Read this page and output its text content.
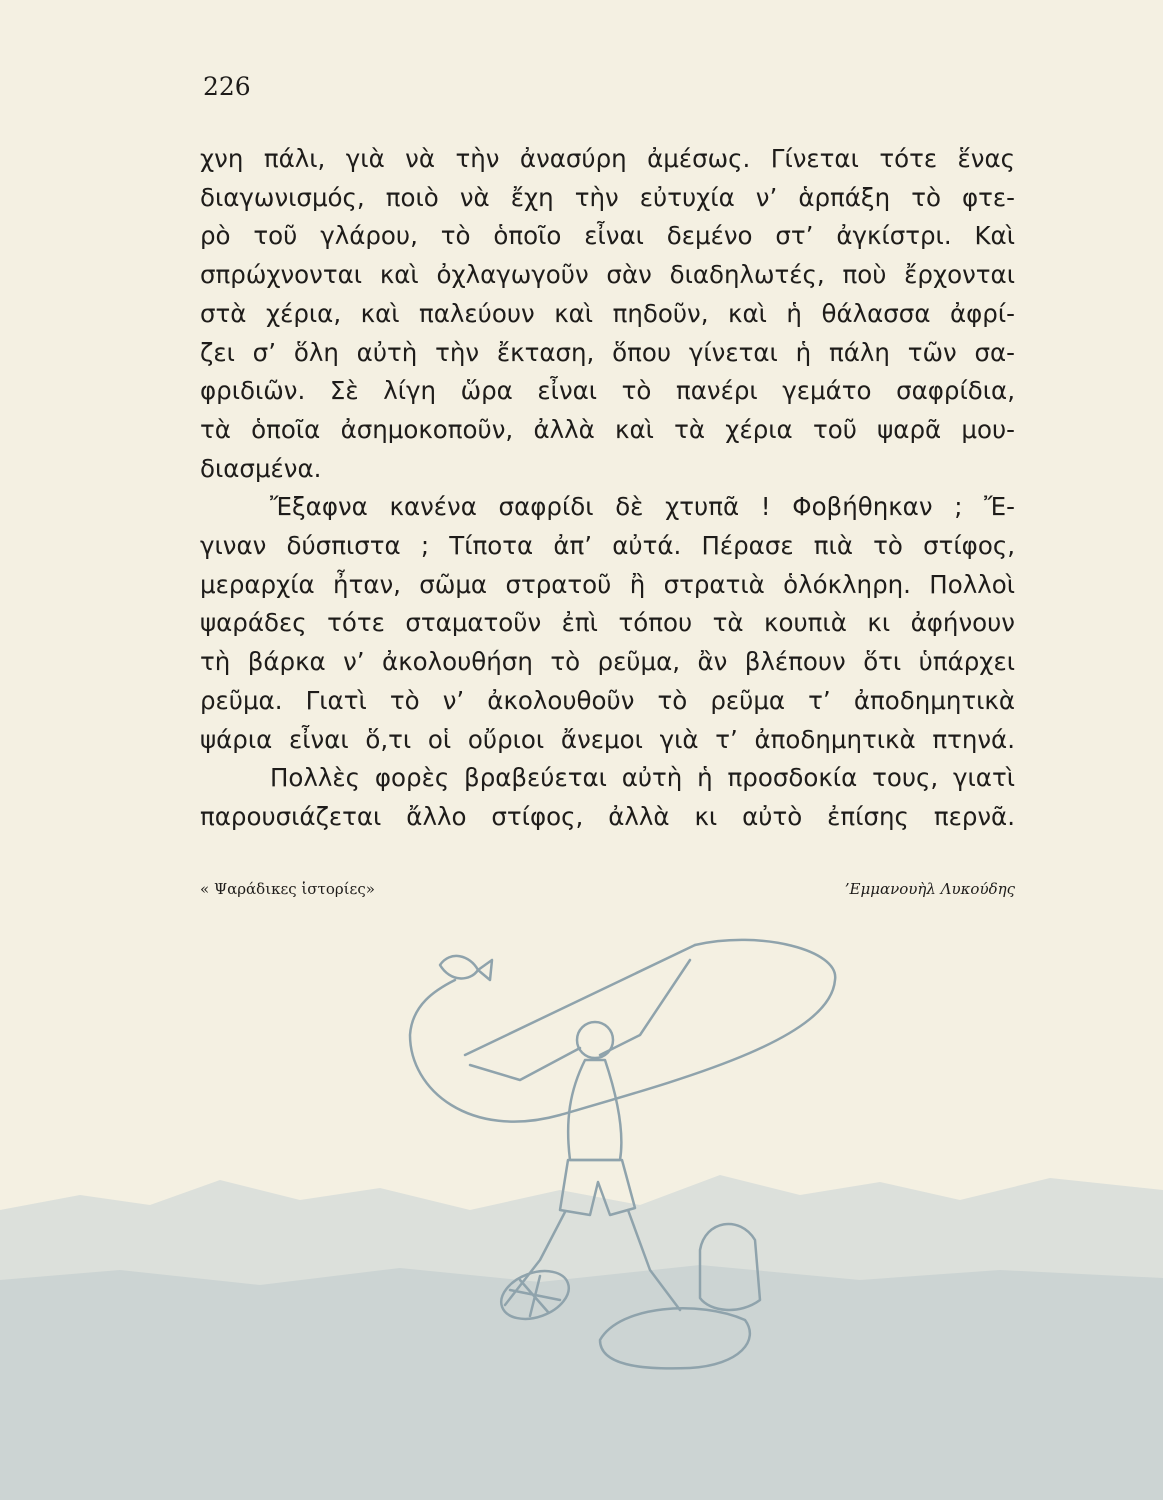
226
χνη πάλι, γιὰ νὰ τὴν ἀνασύρη ἀμέσως. Γίνεται τότε ἕνας
διαγωνισμός, ποιὸ νὰ ἔχη τὴν εὐτυχία ν’ ἁρπάξη τὸ φτε-
ρὸ τοῦ γλάρου, τὸ ὁποῖο εἶναι δεμένο στ’ ἀγκίστρι. Καὶ
σπρώχνονται καὶ ὀχλαγωγοῦν σὰν διαδηλωτές, ποὺ ἔρχονται
στὰ χέρια, καὶ παλεύουν καὶ πηδοῦν, καὶ ἡ θάλασσα ἀφρί-
ζει σ’ ὅλη αὐτὴ τὴν ἔκταση, ὅπου γίνεται ἡ πάλη τῶν σα-
φριδιῶν. Σὲ λίγη ὥρα εἶναι τὸ πανέρι γεμάτο σαφρίδια,
τὰ ὁποῖα ἀσημοκοποῦν, ἀλλὰ καὶ τὰ χέρια τοῦ ψαρᾶ μου-
διασμένα.
Ἔξαφνα κανένα σαφρίδι δὲ χτυπᾶ ! Φοβήθηκαν ; Ἔ-
γιναν δύσπιστα ; Τίποτα ἀπ’ αὐτά. Πέρασε πιὰ τὸ στίφος,
μεραρχία ἦταν, σῶμα στρατοῦ ἢ στρατιὰ ὁλόκληρη. Πολλοὶ
ψαράδες τότε σταματοῦν ἐπὶ τόπου τὰ κουπιὰ κι ἀφήνουν
τὴ βάρκα ν’ ἀκολουθήση τὸ ρεῦμα, ἂν βλέπουν ὅτι ὑπάρχει
ρεῦμα. Γιατὶ τὸ ν’ ἀκολουθοῦν τὸ ρεῦμα τ’ ἀποδημητικὰ
ψάρια εἶναι ὅ,τι οἱ οὔριοι ἄνεμοι γιὰ τ’ ἀποδημητικὰ πτηνά.
Πολλὲς φορὲς βραβεύεται αὐτὴ ἡ προσδοκία τους, γιατὶ
παρουσιάζεται ἄλλο στίφος, ἀλλὰ κι αὐτὸ ἐπίσης περνᾶ.
« Ψαράδικες ἱστορίες»	’Εμμανουὴλ Λυκούδης
